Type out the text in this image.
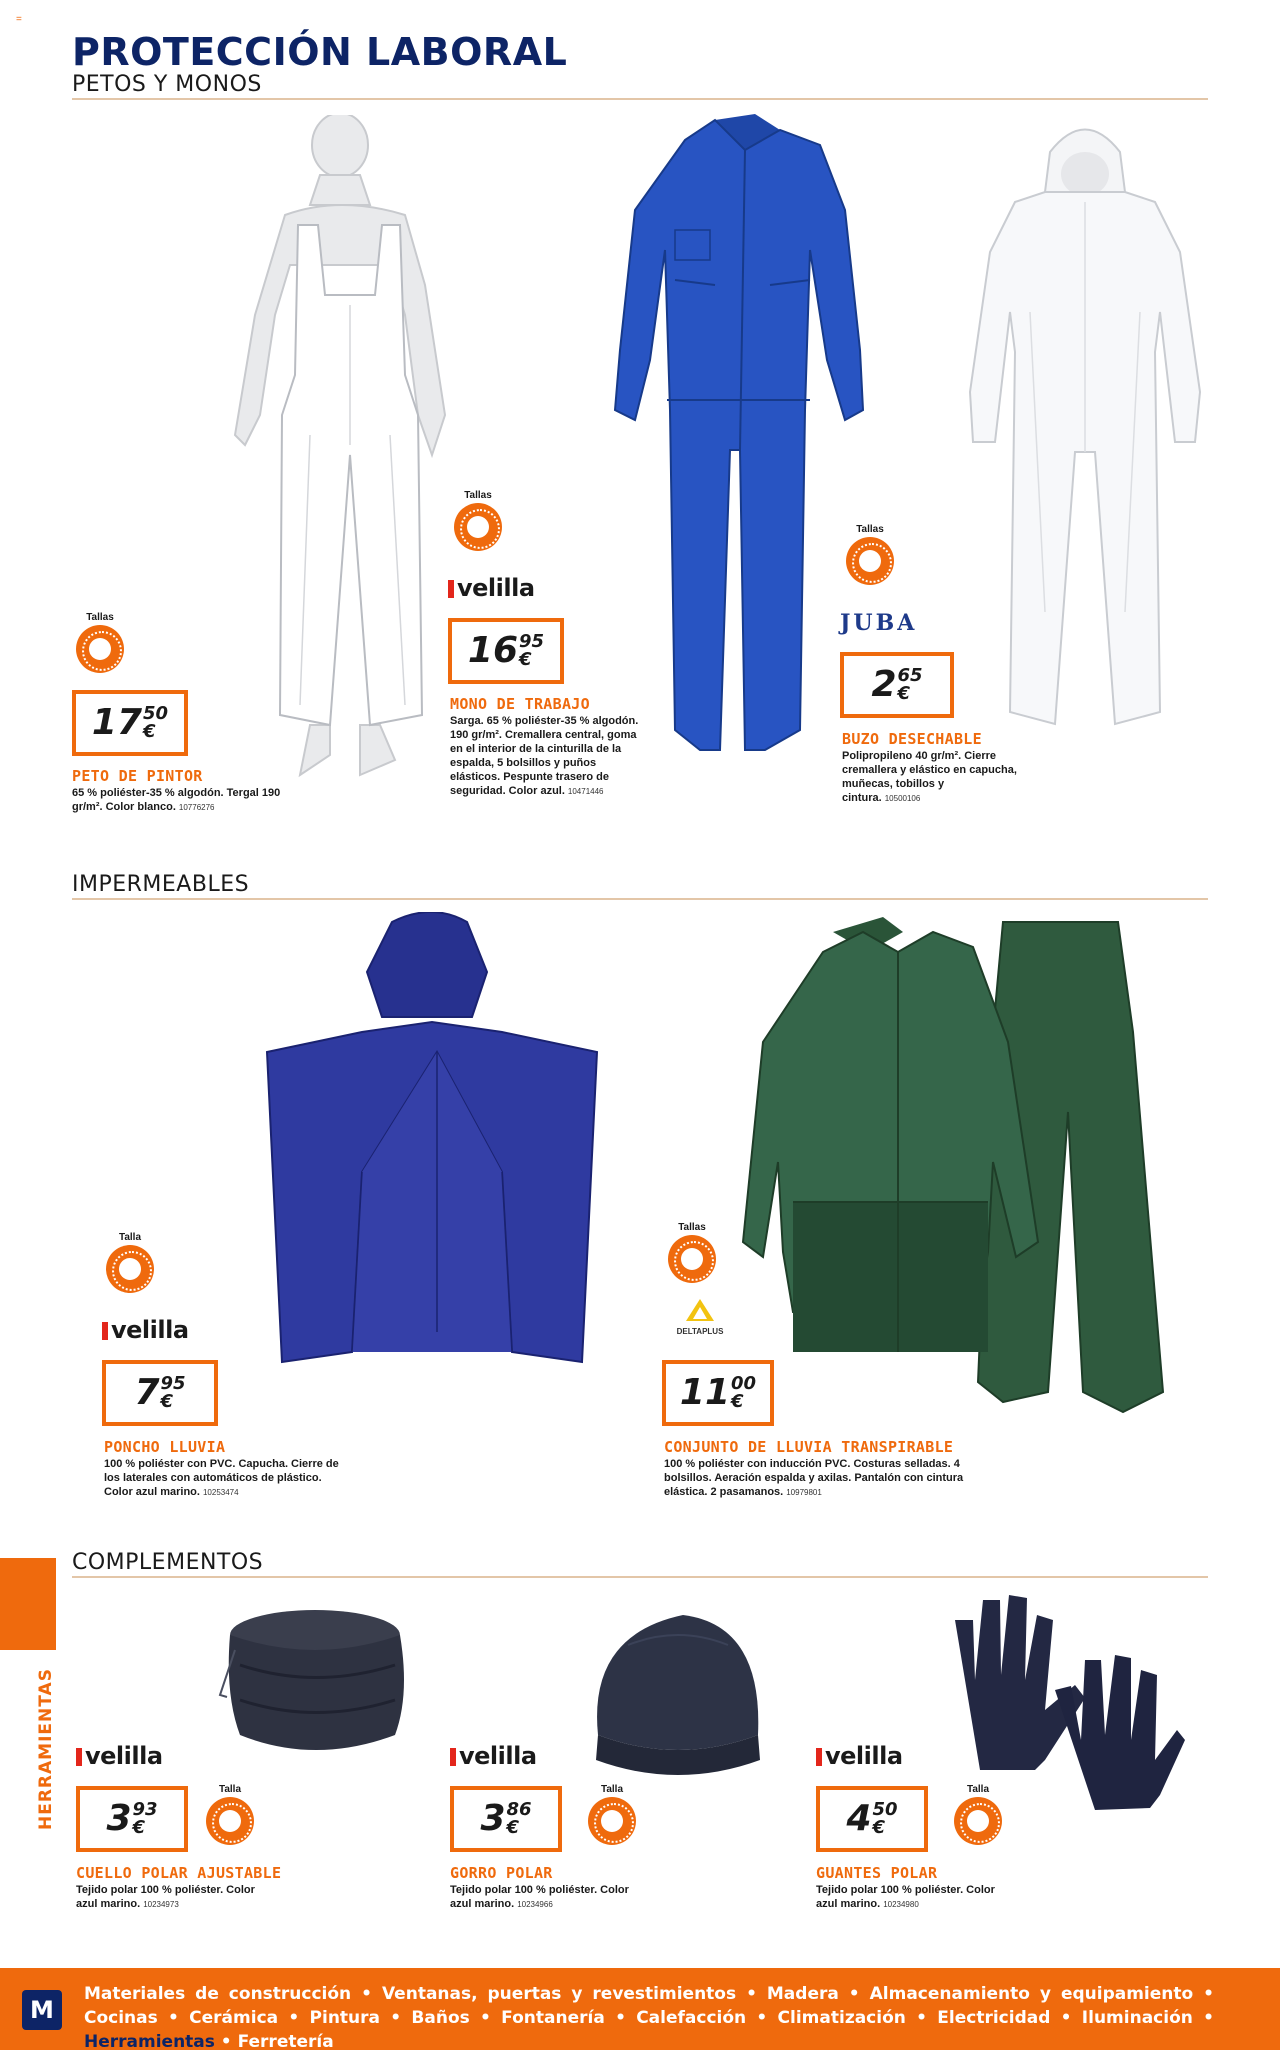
=
PROTECCIÓN LABORAL
PETOS Y MONOS
HERRAMIENTAS
Tallas
17 50
€
PETO DE PINTOR
65 % poliéster-35 % algodón. Tergal 190 gr/m². Color blanco. 10776276
Tallas
velilla
16 95
€
MONO DE TRABAJO
Sarga. 65 % poliéster-35 % algodón. 190 gr/m². Cremallera central, goma en el interior de la cinturilla de la espalda, 5 bolsillos y puños elásticos. Pespunte trasero de seguridad. Color azul. 10471446
Tallas
JUBA
2 65
€
BUZO DESECHABLE
Polipropileno 40 gr/m². Cierre cremallera y elástico en capucha, muñecas, tobillos y cintura. 10500106
IMPERMEABLES
Talla
velilla
7 95
€
PONCHO LLUVIA
100 % poliéster con PVC. Capucha. Cierre de los laterales con automáticos de plástico. Color azul marino. 10253474
Tallas
DELTAPLUS
11 00
€
CONJUNTO DE LLUVIA TRANSPIRABLE
100 % poliéster con inducción PVC. Costuras selladas. 4 bolsillos. Aeración espalda y axilas. Pantalón con cintura elástica. 2 pasamanos. 10979801
COMPLEMENTOS
velilla
3 93
€
Talla
CUELLO POLAR AJUSTABLE
Tejido polar 100 % poliéster. Color azul marino. 10234973
velilla
3 86
€
Talla
GORRO POLAR
Tejido polar 100 % poliéster. Color azul marino. 10234966
velilla
4 50
€
Talla
GUANTES POLAR
Tejido polar 100 % poliéster. Color azul marino. 10234980
M
Materiales de construcción • Ventanas, puertas y revestimientos • Madera • Almacenamiento y equipamiento • Cocinas • Cerámica • Pintura • Baños • Fontanería • Calefacción • Climatización • Electricidad • Iluminación • Herramientas • Ferretería
